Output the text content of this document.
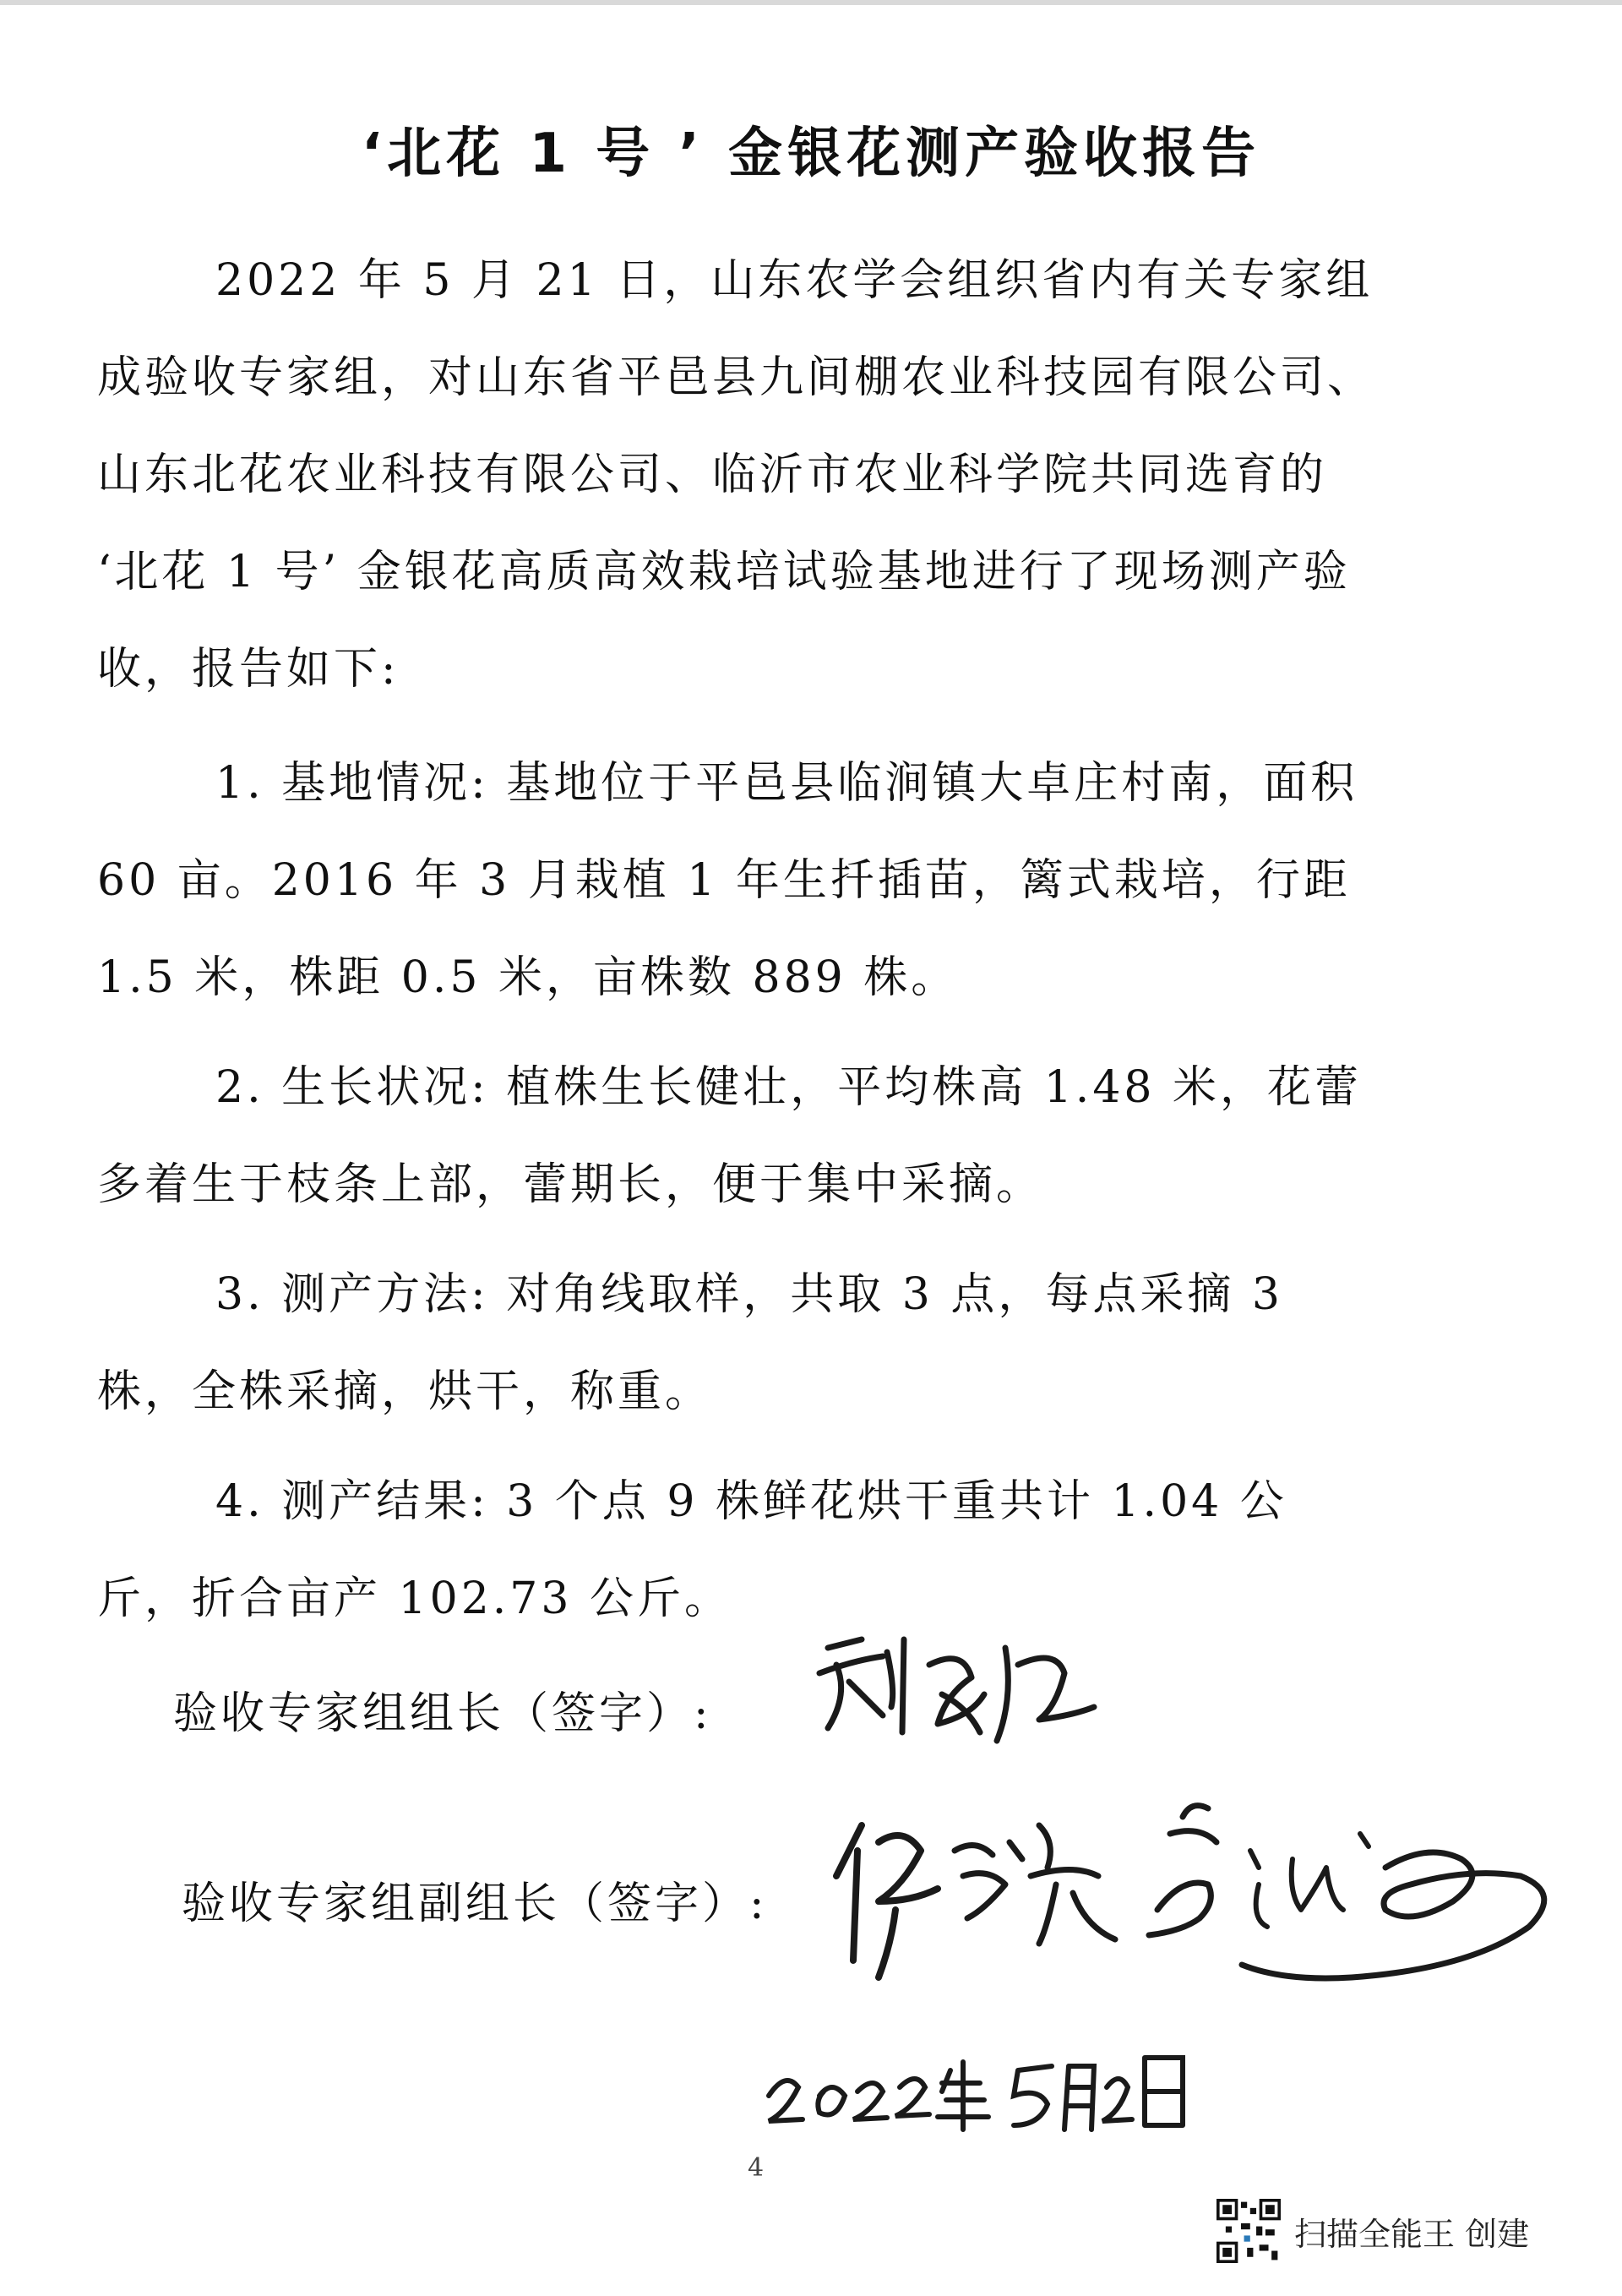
‘北花 1 号 ’ 金银花测产验收报告

2022 年 5 月 21 日，山东农学会组织省内有关专家组成验收专家组，对山东省平邑县九间棚农业科技园有限公司、山东北花农业科技有限公司、临沂市农业科学院共同选育的 ‘北花 1 号’ 金银花高质高效栽培试验基地进行了现场测产验收，报告如下:

1. 基地情况: 基地位于平邑县临涧镇大卓庄村南，面积 60 亩。2016 年 3 月栽植 1 年生扦插苗，篱式栽培，行距 1.5 米，株距 0.5 米，亩株数 889 株。

2. 生长状况: 植株生长健壮，平均株高 1.48 米，花蕾多着生于枝条上部，蕾期长，便于集中采摘。

3. 测产方法: 对角线取样，共取 3 点，每点采摘 3 株，全株采摘，烘干，称重。

4. 测产结果: 3 个点 9 株鲜花烘干重共计 1.04 公斤，折合亩产 102.73 公斤。

验收专家组组长（签字）:

验收专家组副组长（签字）:

4
扫描全能王 创建
